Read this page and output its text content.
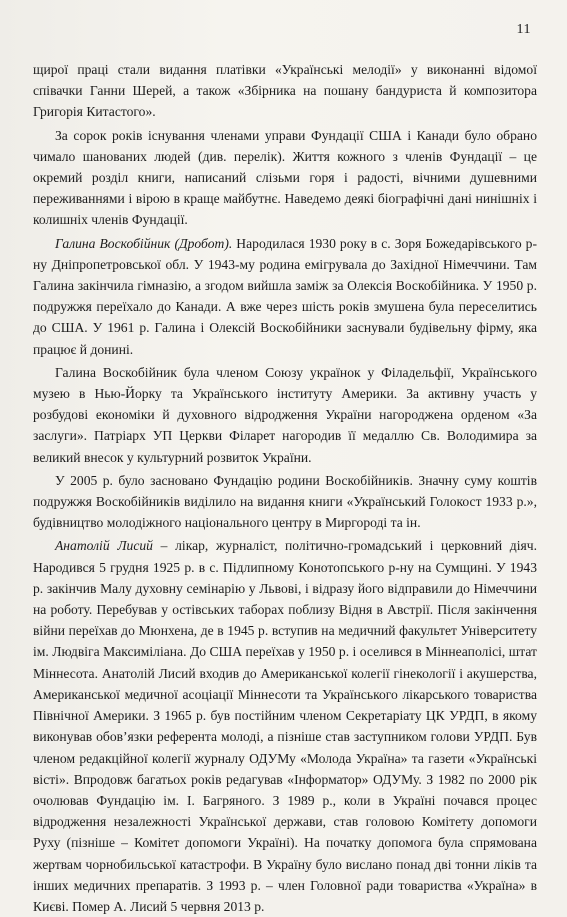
11

щирої праці стали видання платівки «Українські мелодії» у виконанні відомої співачки Ганни Шерей, а також «Збірника на пошану бандуриста й композитора Григорія Китастого».

За сорок років існування членами управи Фундації США і Канади було обрано чимало шанованих людей (див. перелік). Життя кожного з членів Фундації – це окремий розділ книги, написаний слізьми горя і радості, вічними душевними переживаннями і вірою в краще майбутнє. Наведемо деякі біографічні дані нинішніх і колишніх членів Фундації.

Галина Воскобійник (Дробот). Народилася 1930 року в с. Зоря Божедарівського р-ну Дніпропетровської обл. У 1943-му родина емігрувала до Західної Німеччини. Там Галина закінчила гімназію, а згодом вийшла заміж за Олексія Воскобійника. У 1950 р. подружжя переїхало до Канади. А вже через шість років змушена була переселитись до США. У 1961 р. Галина і Олексій Воскобійники заснували будівельну фірму, яка працює й донині.

Галина Воскобійник була членом Союзу українок у Філадельфії, Українського музею в Нью-Йорку та Українського інституту Америки. За активну участь у розбудові економіки й духовного відродження України нагороджена орденом «За заслуги». Патріарх УП Церкви Філарет нагородив її медаллю Св. Володимира за великий внесок у культурний розвиток України.

У 2005 р. було засновано Фундацію родини Воскобійників. Значну суму коштів подружжя Воскобійників виділило на видання книги «Український Голокост 1933 р.», будівництво молодіжного національного центру в Миргороді та ін.

Анатолій Лисий – лікар, журналіст, політично-громадський і церковний діяч. Народився 5 грудня 1925 р. в с. Підлипному Конотопського р-ну на Сумщині. У 1943 р. закінчив Малу духовну семінарію у Львові, і відразу його відправили до Німеччини на роботу. Перебував у остівських таборах поблизу Відня в Австрії. Після закінчення війни переїхав до Мюнхена, де в 1945 р. вступив на медичний факультет Університету ім. Людвіга Максиміліана. До США переїхав у 1950 р. і оселився в Міннеаполісі, штат Міннесота. Анатолій Лисий входив до Американської колегії гінекології і акушерства, Американської медичної асоціації Міннесоти та Українського лікарського товариства Північної Америки. З 1965 р. був постійним членом Секретаріату ЦК УРДП, в якому виконував обов’язки референта молоді, а пізніше став заступником голови УРДП. Був членом редакційної колегії журналу ОДУМу «Молода Україна» та газети «Українські вісті». Впродовж багатьох років редагував «Інформатор» ОДУМу. З 1982 по 2000 рік очолював Фундацію ім. І. Багряного. З 1989 р., коли в Україні почався процес відродження незалежності Української держави, став головою Комітету допомоги Руху (пізніше – Комітет допомоги Україні). На початку допомога була спрямована жертвам чорнобильської катастрофи. В Україну було вислано понад дві тонни ліків та інших медичних препаратів. З 1993 р. – член Головної ради товариства «Україна» в Києві. Помер А. Лисий 5 червня 2013 р.
